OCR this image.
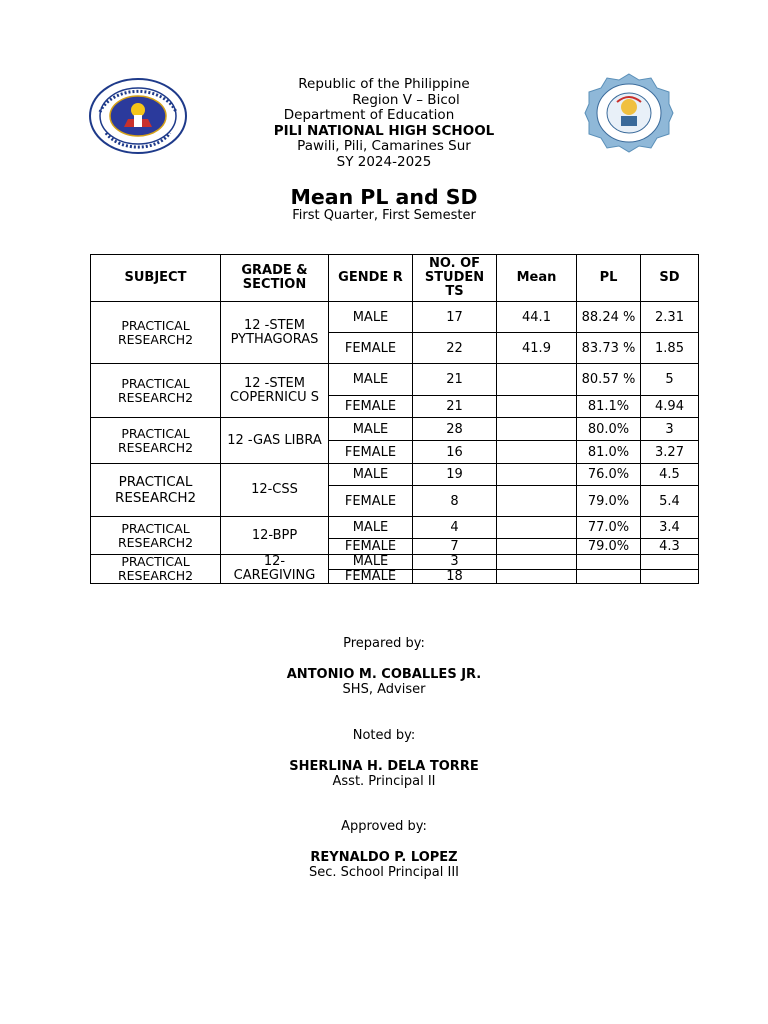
Republic of the Philippine
Region V – Bicol
Department of Education
PILI NATIONAL HIGH SCHOOL
Pawili, Pili, Camarines Sur
SY 2024-2025
Mean PL and SD
First Quarter, First Semester
SUBJECT	GRADE & SECTION	GENDE R	NO. OF STUDEN TS	Mean	PL	SD
PRACTICAL RESEARCH2	12 -STEM PYTHAGORAS	MALE	17	44.1	88.24 %	2.31
		FEMALE	22	41.9	83.73 %	1.85
PRACTICAL RESEARCH2	12 -STEM COPERNICU S	MALE	21		80.57 %	5
		FEMALE	21		81.1%	4.94
PRACTICAL RESEARCH2	12 -GAS LIBRA	MALE	28		80.0%	3
		FEMALE	16		81.0%	3.27
PRACTICAL RESEARCH2	12-CSS	MALE	19		76.0%	4.5
		FEMALE	8		79.0%	5.4
PRACTICAL RESEARCH2	12-BPP	MALE	4		77.0%	3.4
		FEMALE	7		79.0%	4.3
PRACTICAL RESEARCH2	12- CAREGIVING	MALE	3			
		FEMALE	18			
Prepared by:
ANTONIO M. COBALLES JR.
SHS, Adviser
Noted by:
SHERLINA H. DELA TORRE
Asst. Principal II
Approved by:
REYNALDO P. LOPEZ
Sec. School Principal III
